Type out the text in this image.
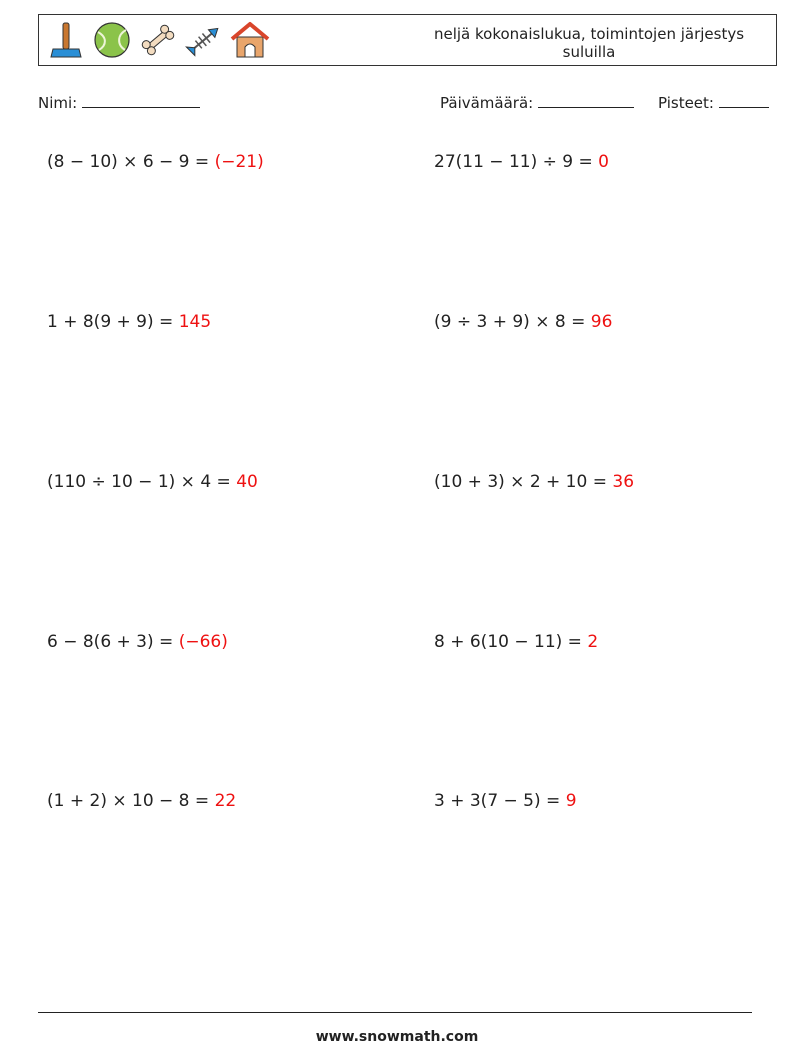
neljä kokonaislukua, toimintojen järjestys
suluilla
Nimi:	Päivämäärä:	Pisteet:
(8 − 10) × 6 − 9 = (−21)	27(11 − 11) ÷ 9 = 0
1 + 8(9 + 9) = 145	(9 ÷ 3 + 9) × 8 = 96
(110 ÷ 10 − 1) × 4 = 40	(10 + 3) × 2 + 10 = 36
6 − 8(6 + 3) = (−66)	8 + 6(10 − 11) = 2
(1 + 2) × 10 − 8 = 22	3 + 3(7 − 5) = 9
www.snowmath.com
